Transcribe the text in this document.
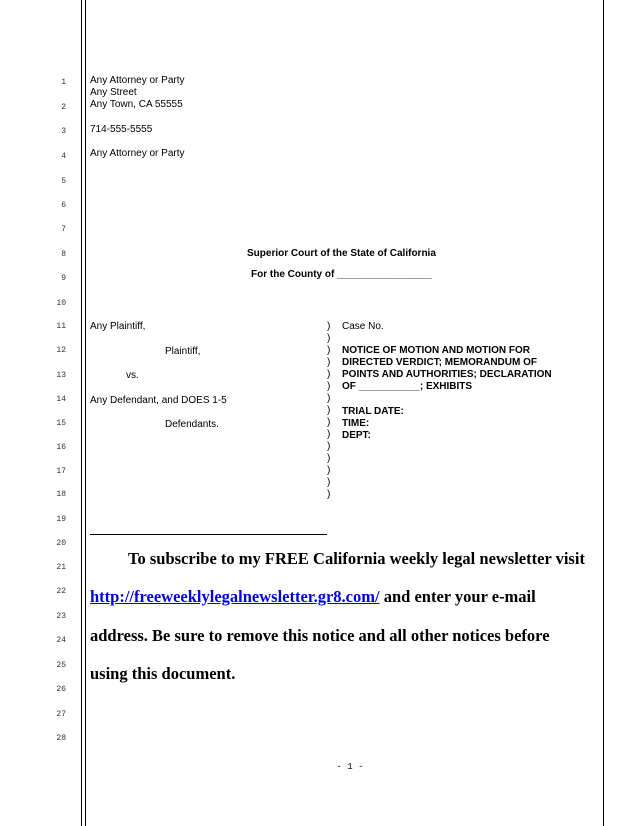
1
2
3
4
5
6
7
8
9
10
11
12
13
14
15
16
17
18
19
20
21
22
23
24
25
26
27
28
Any Attorney or Party
Any Street
Any Town, CA 55555
714-555-5555
Any Attorney or Party
Superior Court of the State of California
For the County of _________________
Any Plaintiff,
Plaintiff,
vs.
Any Defendant, and DOES 1-5
Defendants.
)
)
)
)
)
)
)
)
)
)
)
)
)
)
)
Case No.
NOTICE OF MOTION AND MOTION FOR
DIRECTED VERDICT; MEMORANDUM OF
POINTS AND AUTHORITIES; DECLARATION
OF ___________; EXHIBITS
TRIAL DATE:
TIME:
DEPT:
To subscribe to my FREE California weekly legal newsletter visit
http://freeweeklylegalnewsletter.gr8.com/ and enter your e-mail
address. Be sure to remove this notice and all other notices before
using this document.
- 1 -
